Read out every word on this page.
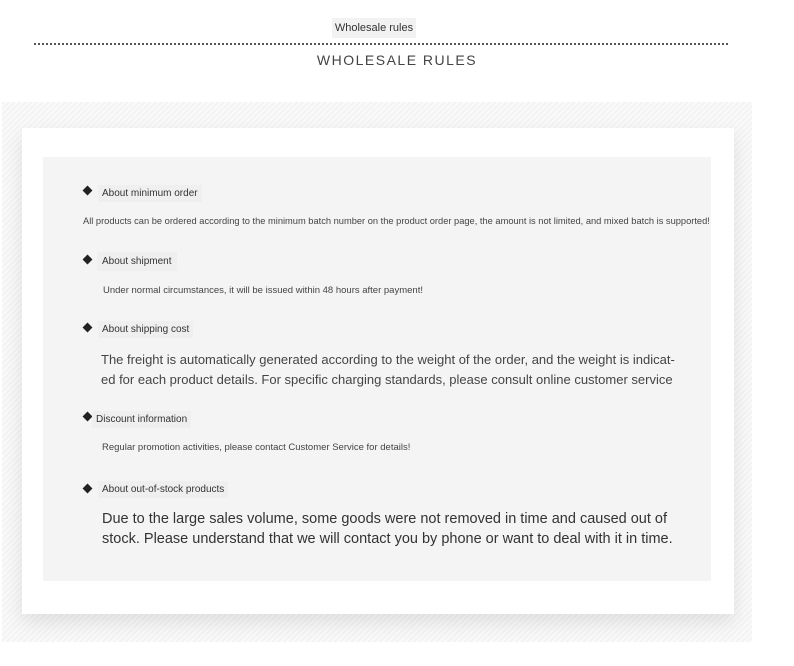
Wholesale rules
WHOLESALE RULES
About minimum order
All products can be ordered according to the minimum batch number on the product order page, the amount is not limited, and mixed batch is supported!
About shipment
Under normal circumstances, it will be issued within 48 hours after payment!
About shipping cost
The freight is automatically generated according to the weight of the order, and the weight is indicat-
ed for each product details. For specific charging standards, please consult online customer service
Discount information
Regular promotion activities, please contact Customer Service for details!
About out-of-stock products
Due to the large sales volume, some goods were not removed in time and caused out of
stock. Please understand that we will contact you by phone or want to deal with it in time.
